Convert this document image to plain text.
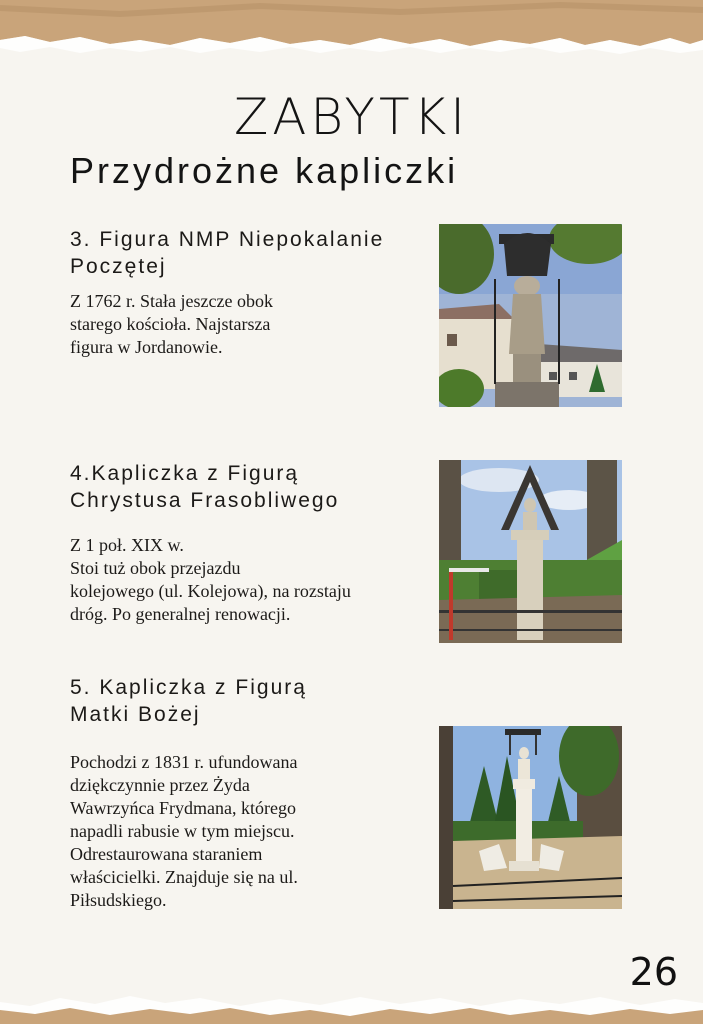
ZABYTKI
Przydrożne kapliczki
3. Figura NMP Niepokalanie
Poczętej

Z 1762 r. Stała jeszcze obok
starego kościoła. Najstarsza
figura w Jordanowie.

4.Kapliczka z Figurą
Chrystusa Frasobliwego

Z 1 poł. XIX w.
Stoi tuż obok przejazdu
kolejowego (ul. Kolejowa), na rozstaju
dróg. Po generalnej renowacji.

5. Kapliczka z Figurą
Matki Bożej

Pochodzi z 1831 r. ufundowana
dziękczynnie przez Żyda
Wawrzyńca Frydmana, którego
napadli rabusie w tym miejscu.
Odrestaurowana staraniem
właścicielki. Znajduje się na ul.
Piłsudskiego.

26
